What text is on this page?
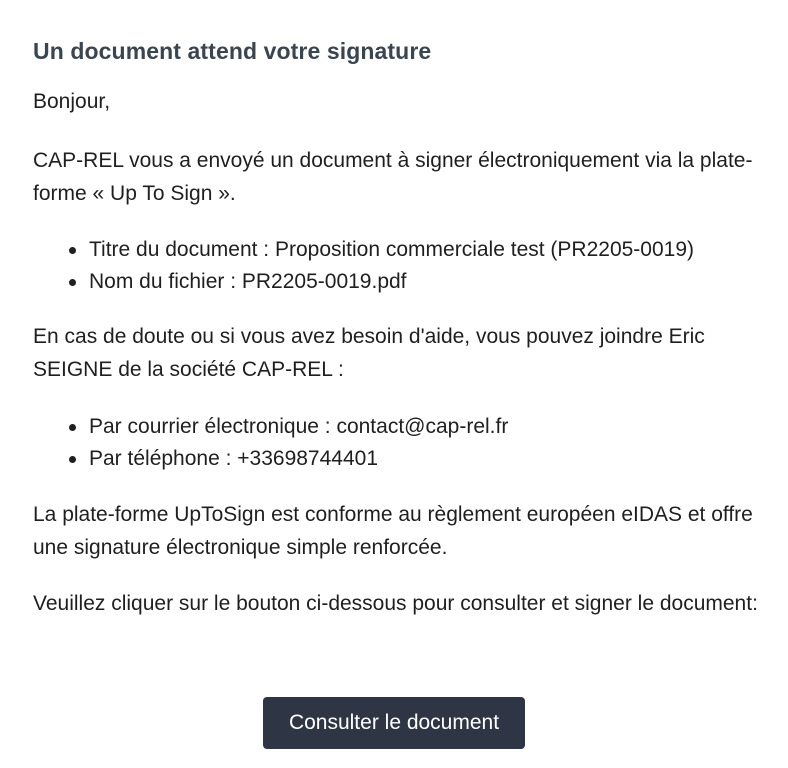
Un document attend votre signature

Bonjour,

CAP-REL vous a envoyé un document à signer électroniquement via la plate-forme « Up To Sign ».

Titre du document : Proposition commerciale test (PR2205-0019)
Nom du fichier : PR2205-0019.pdf

En cas de doute ou si vous avez besoin d'aide, vous pouvez joindre Eric SEIGNE de la société CAP-REL :

Par courrier électronique : contact@cap-rel.fr
Par téléphone : +33698744401

La plate-forme UpToSign est conforme au règlement européen eIDAS et offre une signature électronique simple renforcée.

Veuillez cliquer sur le bouton ci-dessous pour consulter et signer le document:

Consulter le document
